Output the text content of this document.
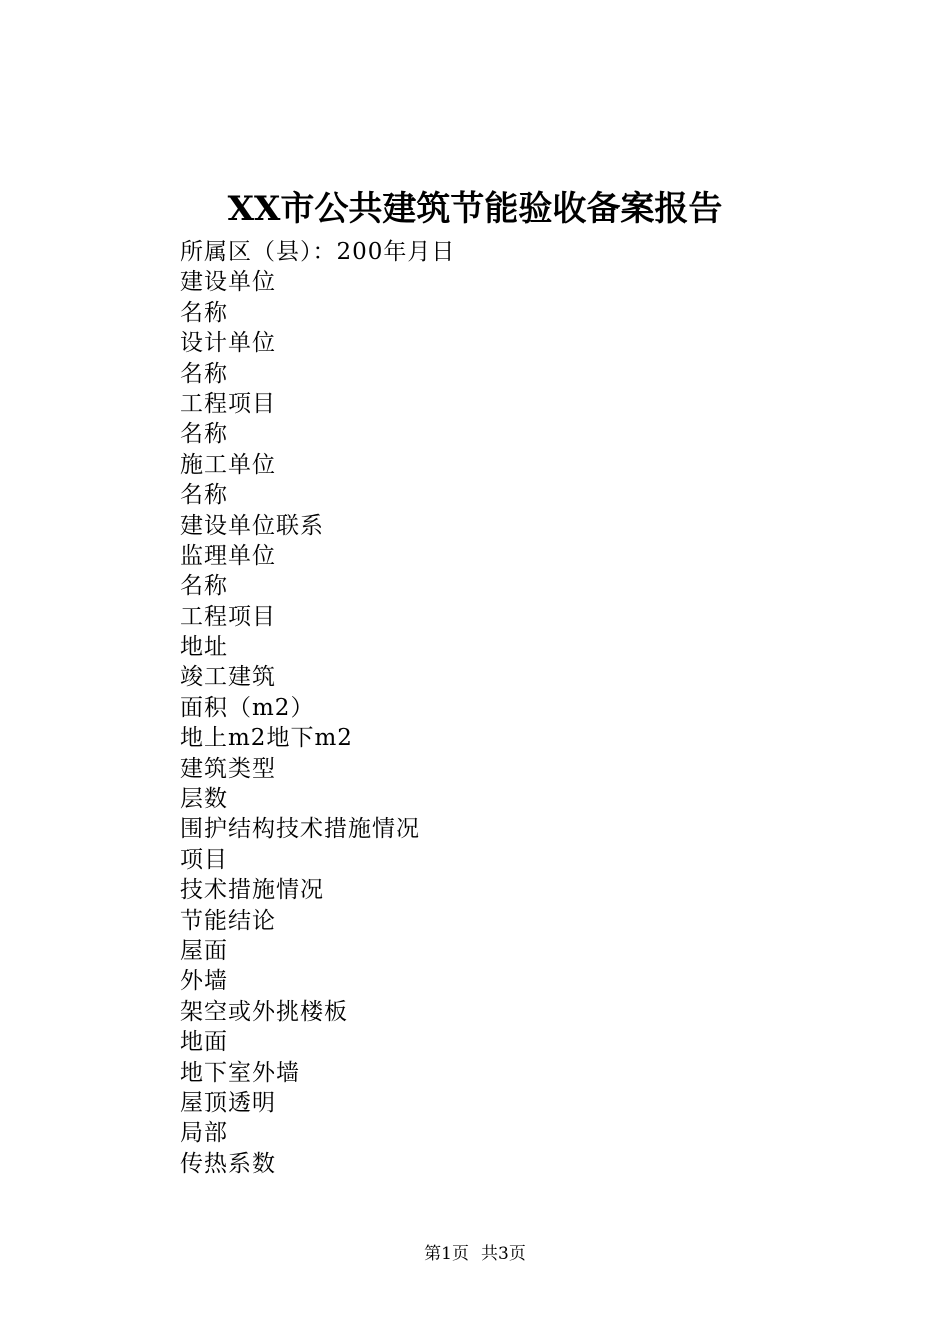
XX市公共建筑节能验收备案报告
所属区（县）：200年月日
建设单位
名称
设计单位
名称
工程项目
名称
施工单位
名称
建设单位联系
监理单位
名称
工程项目
地址
竣工建筑
面积（m2）
地上m2地下m2
建筑类型
层数
围护结构技术措施情况
项目
技术措施情况
节能结论
屋面
外墙
架空或外挑楼板
地面
地下室外墙
屋顶透明
局部
传热系数
第1页 共3页
